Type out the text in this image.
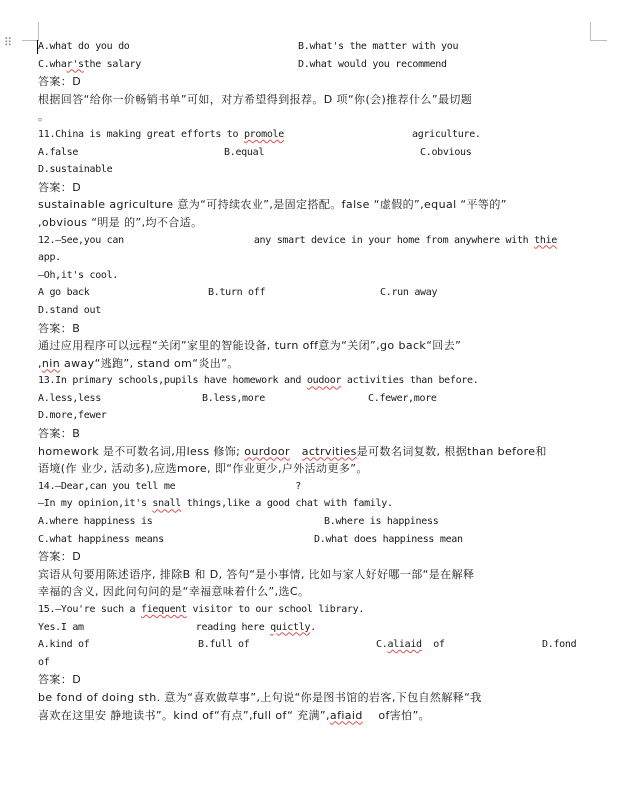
⠿	A.what do you do	B.what's the matter with you
C.whar'sthe salary	D.what would you recommend
答案：D
根据回答“给你一价畅销书单”可如，对方希望得到报荐。D 项“你(会)推荐什么”最切题
。
11.China is making great efforts to promole	agriculture.
A.false	B.equal	C.obvious
D.sustainable
答案：D
sustainable agriculture 意为“可持续农业”,是固定搭配。false “虚假的”,equal “平等的”
,obvious “明是 的”,均不合适。
12.—See,you can	any smart device in your home from anywhere with thie
app.
—Oh,it's cool.
A go back	B.turn off	C.run away
D.stand out
答案：B
通过应用程序可以远程“关闭”家里的智能设备, turn off意为“关闭”,go back“回去”
,nin away“逃跑”, stand om“炎出”。
13.In primary schools,pupils have homework and oudoor activities than before.
A.less,less	B.less,more	C.fewer,more
D.more,fewer
答案：B
homework 是不可数名词,用less 修饰; ourdoor actrvities是可数名词复数, 根据than before和
语境(作 业少, 活动多),应选more, 即“作业更少,户外活动更多”。
14.—Dear,can you tell me	?
—In my opinion,it's snall things,like a good chat with family.
A.where happiness is	B.where is happiness
C.what happiness means	D.what does happiness mean
答案：D
宾语从句要用陈述语序, 排除B 和 D, 答句“是小事情, 比如与家人好好哪一部“是在解释
幸福的含义, 因此问句问的是“幸福意味着什么”,选C。
15.—You're such a fiequent visitor to our school library.
Yes.I am	reading here quictly.
A.kind of	B.full of	C.aliaid  of	D.fond
of
答案：D
be fond of doing sth. 意为“喜欢做草事”,上句说“你是图书馆的岩客,下包自然解释“我
喜欢在这里安 静地读书”。kind of“有点”,full of“ 充满”,afiaid    of害怕”。
